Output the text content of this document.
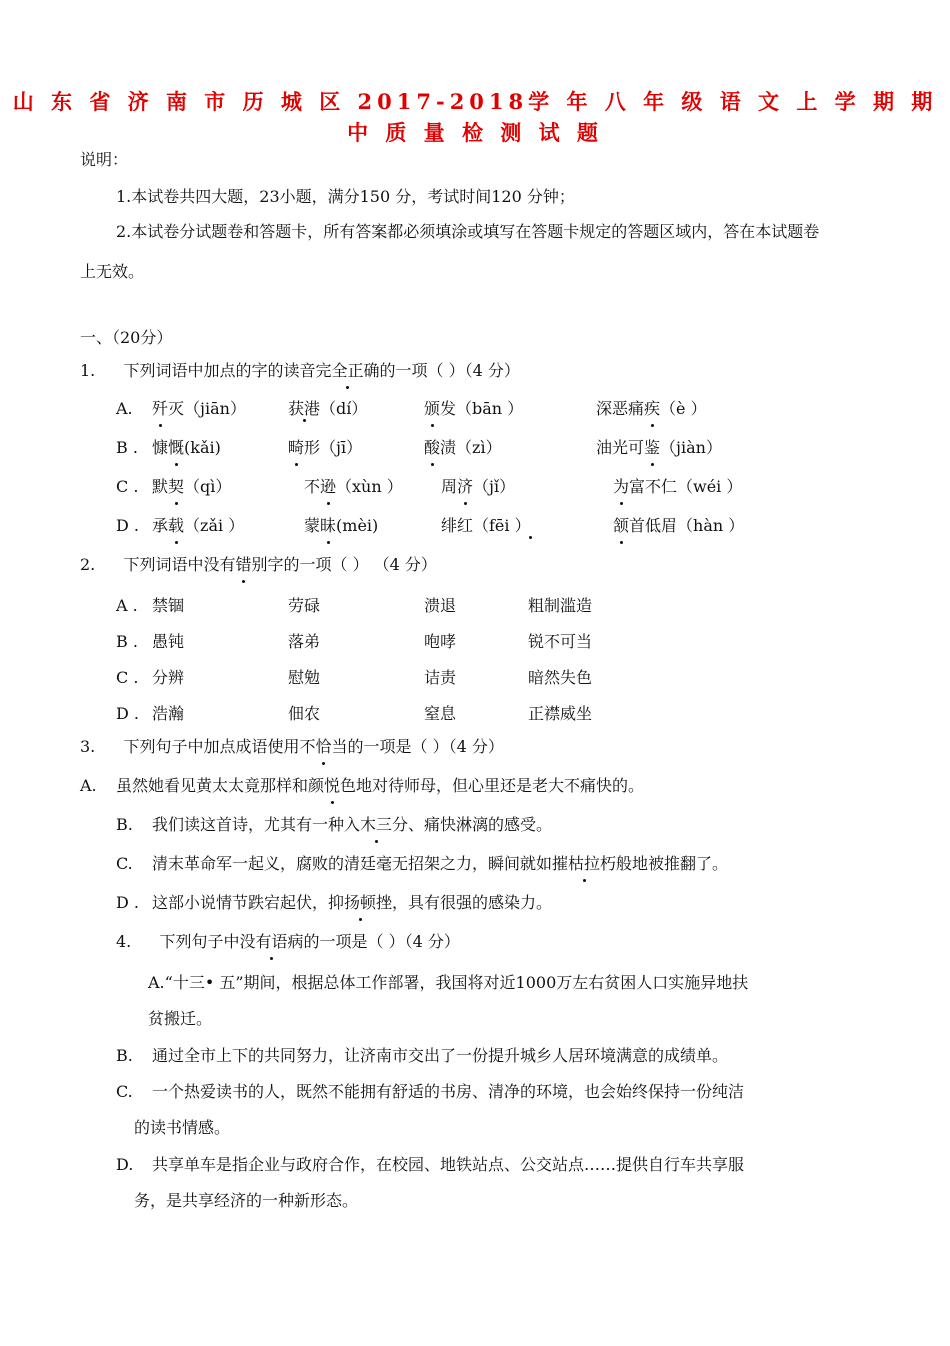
山 东 省 济 南 市 历 城 区 2017-2018学 年 八 年 级 语 文 上 学 期 期
中 质 量 检 测 试 题
说明：
1.本试卷共四大题，23小题，满分150 分，考试时间120 分钟；
2.本试卷分试题卷和答题卡，所有答案都必须填涂或填写在答题卡规定的答题区域内，答在本试题卷
上无效。
一、（20分）
1. 下列词语中加点的字的读音完全正确的一项（ ）（4 分）
A. 歼灭（jiān）	获港（dí）	颁发（bān ）	深恶痛疾（è ）
B . 慷慨(kǎi)	畸形（jī）	酸渍（zì）	油光可鉴（jiàn）
C . 默契（qì）	不逊（xùn ） 周济（jǐ）	为富不仁（wéi ）
D . 承载（zǎi ）	蒙昧(mèi)	绯红（fēi ）	颔首低眉（hàn ）
2. 下列词语中没有错别字的一项（ ） （4 分）
A . 禁锢	劳碌	溃退	粗制滥造
B . 愚钝	落弟	咆哮	锐不可当
C . 分辨	慰勉	诘责	暗然失色
D . 浩瀚	佃农	窒息	正襟威坐
3. 下列句子中加点成语使用不恰当的一项是（ ）（4 分）
A. 虽然她看见黄太太竟那样和颜悦色地对待师母，但心里还是老大不痛快的。
B. 我们读这首诗，尤其有一种入木三分、痛快淋漓的感受。
C. 清末革命军一起义，腐败的清廷毫无招架之力，瞬间就如摧枯拉朽般地被推翻了。
D . 这部小说情节跌宕起伏，抑扬顿挫，具有很强的感染力。
4. 下列句子中没有语病的一项是（ ）（4 分）
A.“十三• 五”期间，根据总体工作部署，我国将对近1000万左右贫困人口实施异地扶
贫搬迁。
B. 通过全市上下的共同努力，让济南市交出了一份提升城乡人居环境满意的成绩单。
C. 一个热爱读书的人，既然不能拥有舒适的书房、清净的环境，也会始终保持一份纯洁
的读书情感。
D. 共享单车是指企业与政府合作，在校园、地铁站点、公交站点……提供自行车共享服
务，是共享经济的一种新形态。
